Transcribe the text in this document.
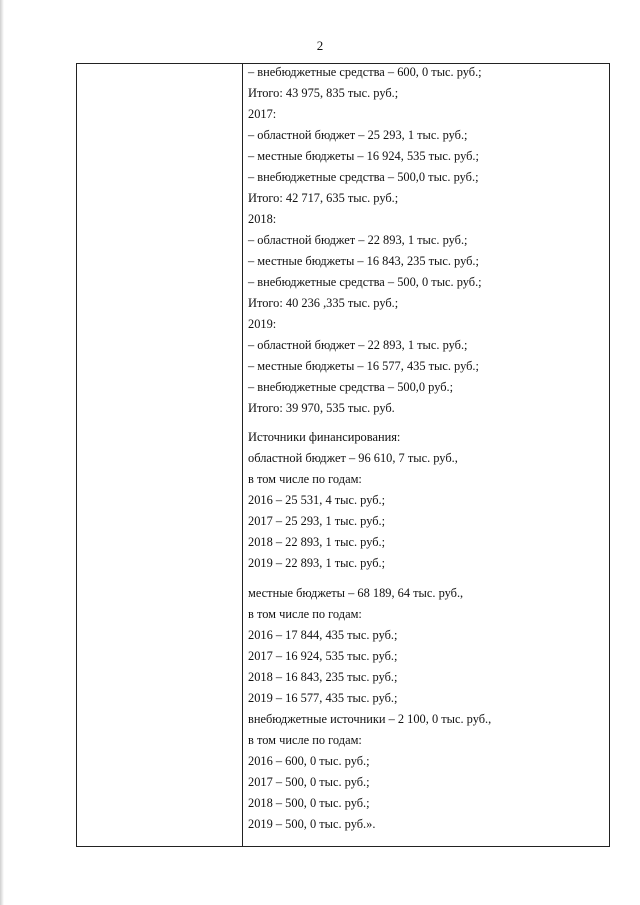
2
– внебюджетные средства – 600, 0 тыс. руб.;
Итого: 43 975, 835 тыс. руб.;
2017:
– областной бюджет – 25 293, 1 тыс. руб.;
– местные бюджеты – 16 924, 535 тыс. руб.;
– внебюджетные средства – 500,0 тыс. руб.;
Итого: 42 717, 635 тыс. руб.;
2018:
– областной бюджет – 22 893, 1 тыс. руб.;
– местные бюджеты – 16 843, 235 тыс. руб.;
– внебюджетные средства – 500, 0 тыс. руб.;
Итого: 40 236 ,335 тыс. руб.;
2019:
– областной бюджет – 22 893, 1 тыс. руб.;
– местные бюджеты – 16 577, 435 тыс. руб.;
– внебюджетные средства – 500,0 руб.;
Итого: 39 970, 535 тыс. руб.
Источники финансирования:
областной бюджет – 96 610, 7 тыс. руб.,
в том числе по годам:
2016 – 25 531, 4 тыс. руб.;
2017 – 25 293, 1 тыс. руб.;
2018 – 22 893, 1 тыс. руб.;
2019 – 22 893, 1 тыс. руб.;
местные бюджеты – 68 189, 64 тыс. руб.,
в том числе по годам:
2016 – 17 844, 435 тыс. руб.;
2017 – 16 924, 535 тыс. руб.;
2018 – 16 843, 235 тыс. руб.;
2019 – 16 577, 435 тыс. руб.;
внебюджетные источники – 2 100, 0 тыс. руб.,
в том числе по годам:
2016 – 600, 0 тыс. руб.;
2017 – 500, 0 тыс. руб.;
2018 – 500, 0 тыс. руб.;
2019 – 500, 0 тыс. руб.».
